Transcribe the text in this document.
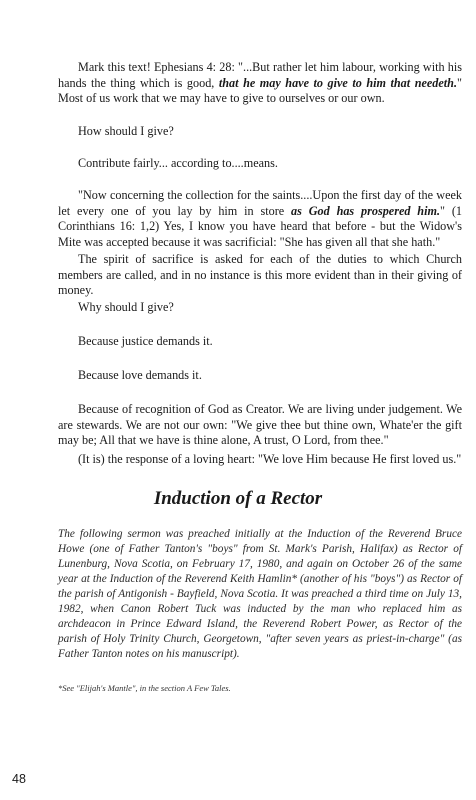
Mark this text! Ephesians 4: 28: "...But rather let him labour, working with his hands the thing which is good, that he may have to give to him that needeth." Most of us work that we may have to give to ourselves or our own.

How should I give?

Contribute fairly... according to....means.

"Now concerning the collection for the saints....Upon the first day of the week let every one of you lay by him in store as God has prospered him." (1 Corinthians 16: 1,2) Yes, I know you have heard that before - but the Widow's Mite was accepted because it was sacrificial: "She has given all that she hath."

The spirit of sacrifice is asked for each of the duties to which Church members are called, and in no instance is this more evident than in their giving of money.

Why should I give?

Because justice demands it.

Because love demands it.

Because of recognition of God as Creator. We are living under judgement. We are stewards. We are not our own: "We give thee but thine own, Whate'er the gift may be; All that we have is thine alone, A trust, O Lord, from thee."

(It is) the response of a loving heart: "We love Him because He first loved us."

Induction of a Rector

The following sermon was preached initially at the Induction of the Reverend Bruce Howe (one of Father Tanton's "boys" from St. Mark's Parish, Halifax) as Rector of Lunenburg, Nova Scotia, on February 17, 1980, and again on October 26 of the same year at the Induction of the Reverend Keith Hamlin* (another of his "boys") as Rector of the parish of Antigonish - Bayfield, Nova Scotia. It was preached a third time on July 13, 1982, when Canon Robert Tuck was inducted by the man who replaced him as archdeacon in Prince Edward Island, the Reverend Robert Power, as Rector of the parish of Holy Trinity Church, Georgetown, "after seven years as priest-in-charge" (as Father Tanton notes on his manuscript).

*See "Elijah's Mantle", in the section A Few Tales.

48
